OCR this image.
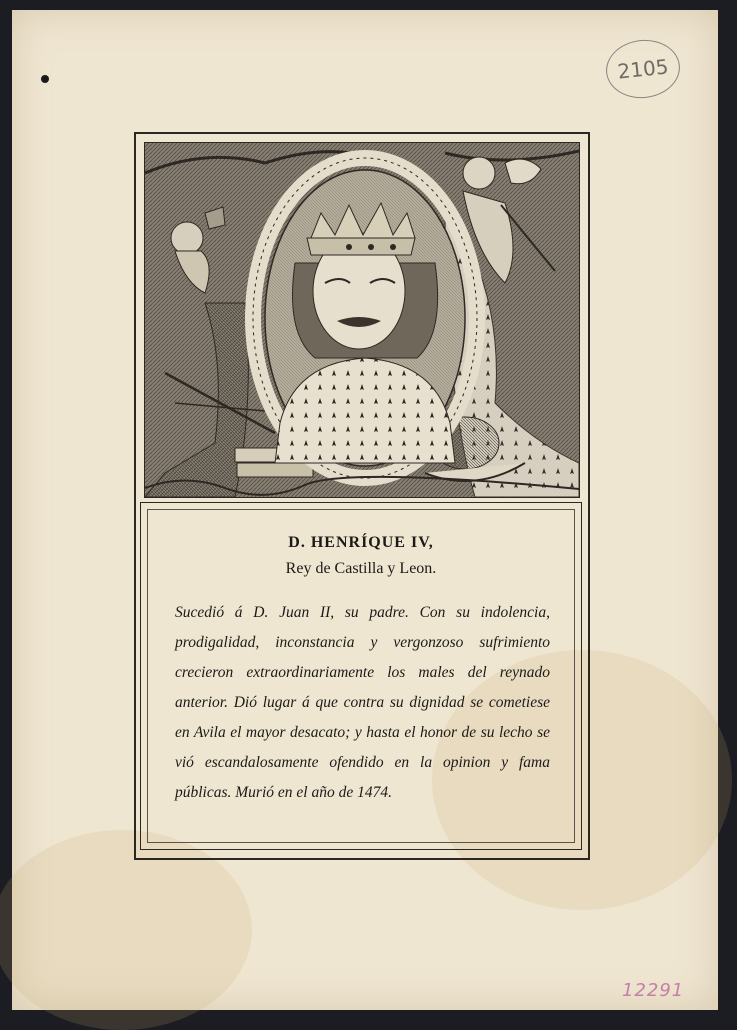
2105
D. HENRÍQUE IV,
Rey de Castilla y Leon.
Sucedió á D. Juan II, su padre. Con su indolencia, prodigalidad, inconstancia y vergonzoso sufrimiento crecieron extraordinariamente los males del reynado anterior. Dió lugar á que contra su dignidad se cometiese en Avila el mayor desacato; y hasta el honor de su lecho se vió escandalosamente ofendido en la opinion y fama públicas. Murió en el año de 1474.
12291
